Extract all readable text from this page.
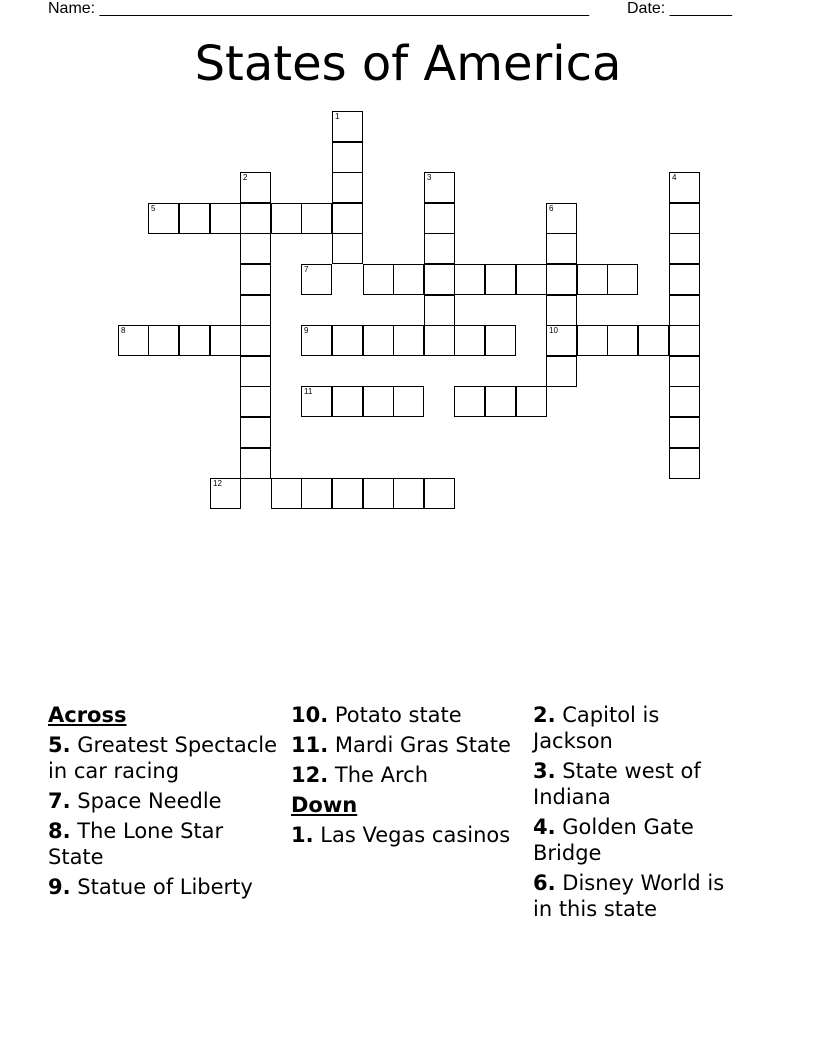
Name: _______________________________________________________ Date: _______
States of America
1
2	3	4
5	6
10
7
8	9
11
12
Across
5. Greatest Spectacle in car racing
7. Space Needle
8. The Lone Star State
9. Statue of Liberty
10. Potato state
11. Mardi Gras State
12. The Arch
Down
1. Las Vegas casinos
2. Capitol is Jackson
3. State west of Indiana
4. Golden Gate Bridge
6. Disney World is in this state
